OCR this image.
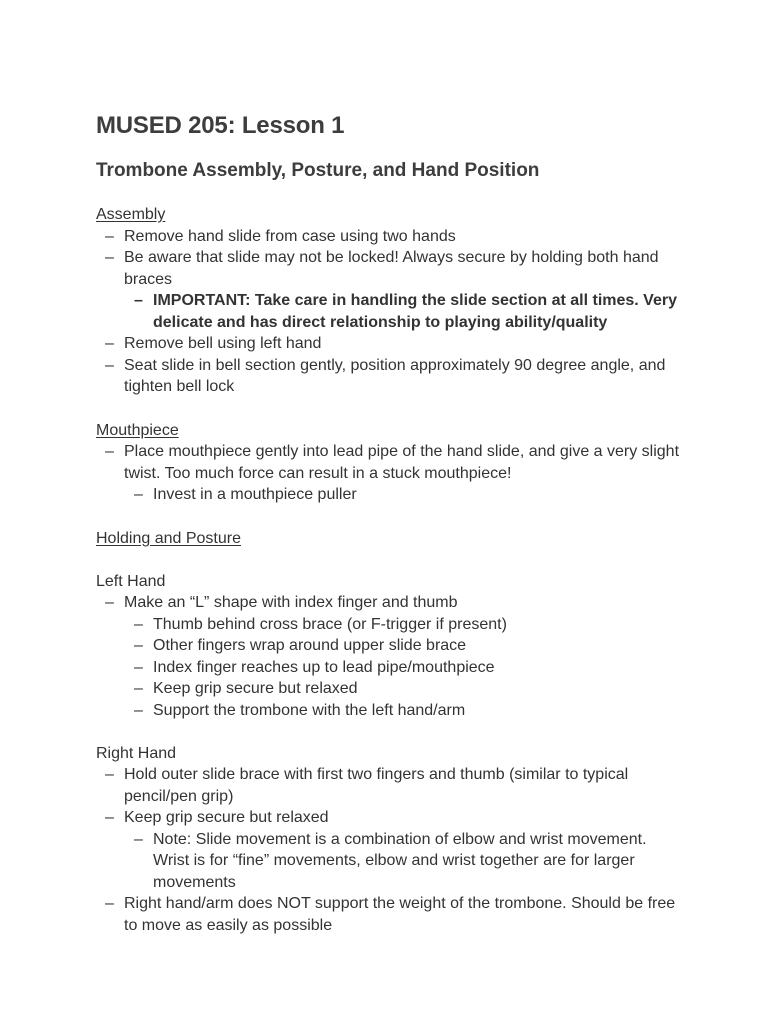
MUSED 205: Lesson 1
Trombone Assembly, Posture, and Hand Position
Assembly
– Remove hand slide from case using two hands
– Be aware that slide may not be locked! Always secure by holding both hand braces
– IMPORTANT: Take care in handling the slide section at all times. Very delicate and has direct relationship to playing ability/quality
– Remove bell using left hand
– Seat slide in bell section gently, position approximately 90 degree angle, and tighten bell lock
Mouthpiece
– Place mouthpiece gently into lead pipe of the hand slide, and give a very slight twist. Too much force can result in a stuck mouthpiece!
– Invest in a mouthpiece puller
Holding and Posture
Left Hand
– Make an “L” shape with index finger and thumb
– Thumb behind cross brace (or F-trigger if present)
– Other fingers wrap around upper slide brace
– Index finger reaches up to lead pipe/mouthpiece
– Keep grip secure but relaxed
– Support the trombone with the left hand/arm
Right Hand
– Hold outer slide brace with first two fingers and thumb (similar to typical pencil/pen grip)
– Keep grip secure but relaxed
– Note: Slide movement is a combination of elbow and wrist movement. Wrist is for “fine” movements, elbow and wrist together are for larger movements
– Right hand/arm does NOT support the weight of the trombone. Should be free to move as easily as possible
